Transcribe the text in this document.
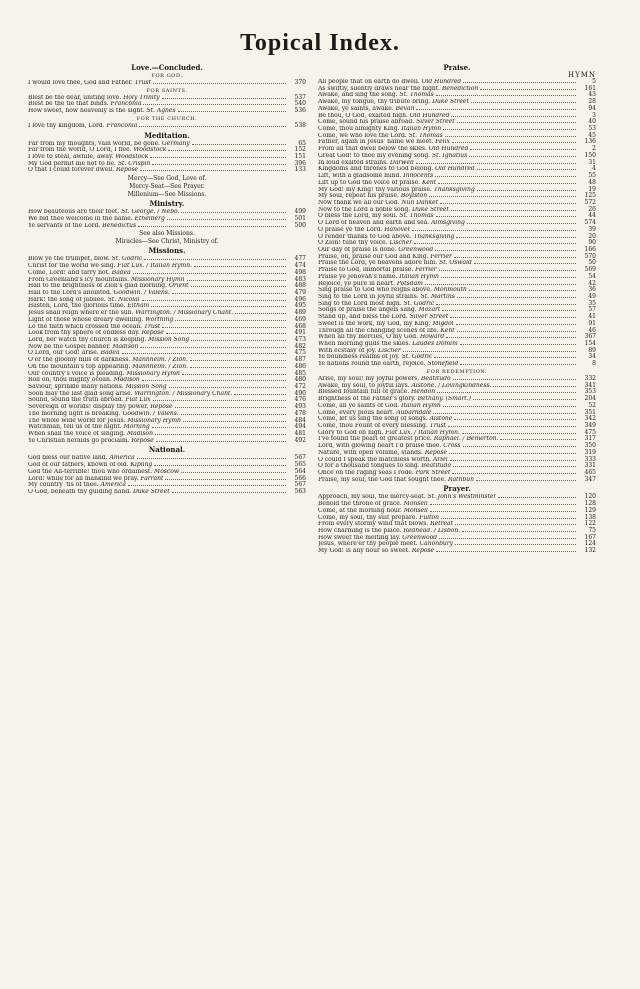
Topical Index.
Love.—Concluded.
FOR GOD.
I would love thee, God and Father. Trust	370
FOR SAINTS.
Blest be the dear, uniting love. Holy Trinity	537
Blest be the tie that binds. Franconia	540
How sweet, how heavenly is the sight. St. Agnes	536
FOR THE CHURCH.
I love thy kingdom, Lord. Franconia	538
Meditation.
Far from my thoughts, vain world, be gone. Germany	65
Far from the world, O Lord, I flee. Woodstock	152
I love to steal, awhile, away. Woodstock	151
My God permit me not to be. St. Crispin	396
O that I could forever dwell. Repose	133
Mercy—See God, Love of.
Mercy-Seat—See Prayer.
Millenium—See Missions.
Ministry.
How beauteous are their feet. St. George. / Nebo.	499
We bid thee welcome in the name. Ethelberg	501
Ye servants of the Lord. Benedictus	500
See also Missions.
Miracles—See Christ, Ministry of.
Missions.
Blow ye the trumpet, blow. St. Godric	477
Christ for the world we sing. Fiat Lux. / Italian Hymn.	474
Come, Lord! and tarry not. Badea	498
From Greenland's icy mountains. Missionary Hymn	483
Hail to the brightness of Zion's glad morning. Orient	488
Hail to the Lord's anointed. Goodwin. / Valens.	479
Hark! the song of jubilee. St. Nicolai	496
Hasten, Lord, the glorious time. Eltham	495
Jesus shall reign where'er the sun. Warrington. / Missionary Chant.	489
Light of those whose dreary dwelling. Worthing	469
Lo the faith which crossed the ocean. Trust	468
Look from thy sphere of endless day. Repose	491
Lord, her watch thy church is keeping. Mission Song	473
Now be the Gospel banner. Madison	482
O Lord, our God! arise. Badea	475
O'er the gloomy hills of darkness. Mannheim. / Zion.	487
On the mountain's top appearing. Mannheim. / Zion.	486
Our country's voice is pleading. Missionary Hymn	485
Roll on, thou mighty ocean. Madison	480
Saviour, sprinkle many nations. Mission Song	472
Soon may the last glad song arise. Warrington. / Missionary Chant.	490
Sound, sound the truth abroad. Fiat Lux	476
Sovereign of worlds! display thy power. Repose	493
The morning light is breaking. Goodwin. / Valens.	478
The whole wide world for Jesus. Missionary Hymn	484
Watchman, tell us of the night. Morning	494
When shall the voice of singing. Madison	481
Ye Christian heralds go proclaim. Repose	492
National.
God bless our native land. America	567
God of our fathers, known of old. Kipling	565
God the All-terrible! thou who ordainest. Moscow	564
Lord! while for all mankind we pray. Farrant	566
My country 'tis of thee. America	567
O God, beneath thy guiding hand. Duke Street	563
Praise.
HYMN
All people that on earth do dwell. Old Hundred	5
As swiftly, silently draws near the night. Benediction	161
Awake, and sing the song. St. Thomas	43
Awake, my tongue, thy tribute bring. Duke Street	28
Awake, ye saints, awake. Bevan	94
Be thou, O God, exalted high. Old Hundred	3
Come, sound his praise abroad. Silver Street	40
Come, thou almighty King. Italian Hymn	53
Come, we who love the Lord. St. Thomas	45
Father, again in Jesus' name we meet. Felix	136
From all that dwell below the skies. Old Hundred	2
Great God! to thee my evening song. St. Ignatius	150
In loud exalted strains. Darwell	31
Kingdoms and thrones to God belong. Old Hundred	4
Lift, with a gladsome mind. Innocents	55
Lift up to God the voice of praise. Kent	48
My God! my King! thy various praise. Thanksgiving	19
My soul, repeat his praise. Boylston	125
Now thank we all our God. Nun Danket	572
Now to the Lord a noble song. Duke Street	26
O bless the Lord, my soul. St. Thomas	44
O Lord of heaven and earth and sea. Almsgiving	574
O praise ye the Lord. Hanover	39
O render thanks to God above. Thanksgiving	20
O Zion! tune thy voice. Lischer	90
Our day of praise is done. Greenwood	166
Praise, oh, praise our God and King. Ferrier	570
Praise the Lord, ye heavens adore him. St. Oswald	50
Praise to God, immortal praise. Ferrier	569
Praise ye Jehovah's name. Italian Hymn	54
Rejoice, ye pure in heart. Potsdam	42
Sing praise to God who reigns above. Monmouth	36
Sing to the Lord in joyful strains. St. Martins	49
Sing to the Lord most high. St. Godric	35
Songs of praise the angels sang. Mozart	57
Stand up, and bless the Lord. Silver Street	41
Sweet is the work, my God, my King. Migdol	91
Through all the changing scenes of life. Kent	46
When all thy mercies, O my God. Howard	367
When morning gilds the skies. Laudes Domini	154
With ecstasy of joy. Lischer	89
Ye boundless realms of joy. St. Godric	34
Ye nations round the earth, rejoice. Stonefield	8
FOR REDEMPTION.
Arise, my soul! my joyful powers. Beatitudo	332
Awake, my soul, to joyful lays. Alstone. / Lovingkindness.	341
Blessed fountain full of grace. Hendon	353
Brightness of the Father's glory. Bethany. (Smart.)	204
Come, all ye saints of God. Italian Hymn	52
Come, every pious heart. Aubarndale	351
Come, let us sing the song of songs. Alstone	342
Come, thou Fount of every blessing. Trust	349
Glory to God on high. Fiat Lux. / Italian Hymn.	475
I've found the pearl of greatest price. Raphael. / Bemerton.	317
Lord, with glowing heart I'd praise thee. Cross	350
Nature, with open volume, stands. Repose	319
O could I speak the matchless worth. Ariel	333
O for a thousand tongues to sing. Beatitudo	331
Once on the raging seas I rode. Park Street	465
Praise, my soul, the God that sought thee. Rathbun	347
Prayer.
Approach, my soul, the mercy-seat. St. John's Westminster	120
Behold the throne of grace. Monsell	128
Come, at the morning hour. Monsell	129
Come, my soul, thy suit prepare. Fulton	138
From every stormy wind that blows. Retreat	122
How charming is the place. Redhead. / Lisbon.	75
How sweet the melting lay. Greenwood	167
Jesus, where'er thy people meet. Canonbury	124
My God! is any hour so sweet. Repose	132
